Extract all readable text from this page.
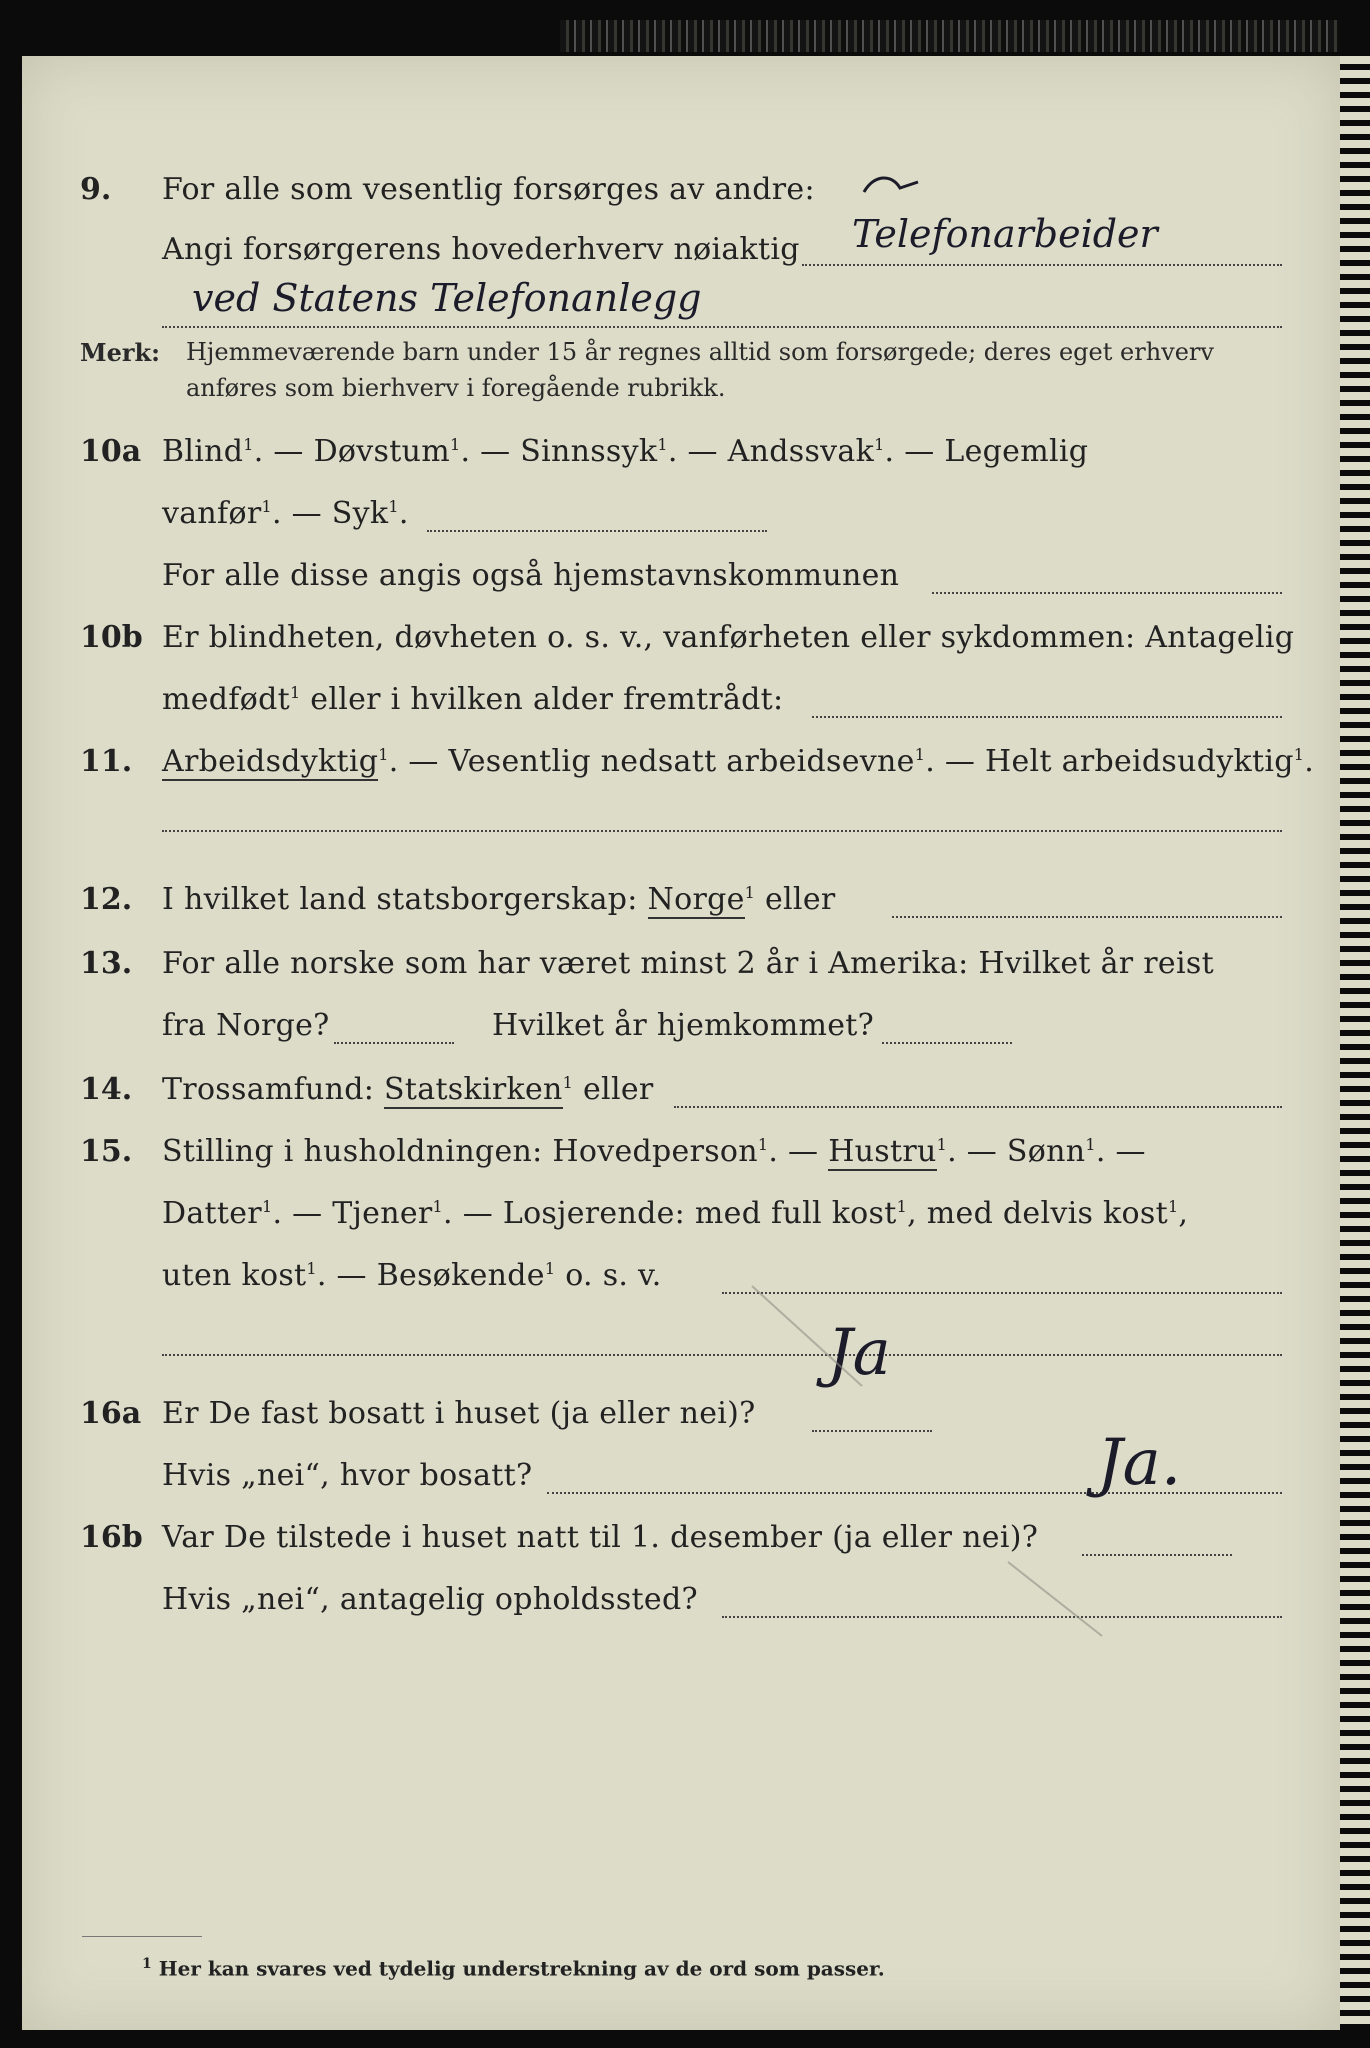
9. For alle som vesentlig forsørges av andre:
Angi forsørgerens hovederhverv nøiaktig Telefonarbeider
ved Statens Telefonanlegg
Merk: Hjemmeværende barn under 15 år regnes alltid som forsørgede; deres eget erhverv
anføres som bierhverv i foregående rubrikk.
10a Blind$^1$. — Døvstum$^1$. — Sinnssyk$^1$. — Andssvak$^1$. — Legemlig
vanfør$^1$. — Syk$^1$.
For alle disse angis også hjemstavnskommunen
10b Er blindheten, døvheten o. s. v., vanførheten eller sykdommen: Antagelig
medfødt$^1$ eller i hvilken alder fremtrådt:
11. Arbeidsdyktig$^1$. — Vesentlig nedsatt arbeidsevne$^1$. — Helt arbeidsudyktig$^1$.
12. I hvilket land statsborgerskap: Norge$^1$ eller
13. For alle norske som har været minst 2 år i Amerika: Hvilket år reist
fra Norge?	Hvilket år hjemkommet?
14. Trossamfund: Statskirken$^1$ eller
15. Stilling i husholdningen: Hovedperson$^1$. — Hustru$^1$. — Sønn$^1$. —
Datter$^1$. — Tjener$^1$. — Losjerende: med full kost$^1$, med delvis kost$^1$,
uten kost$^1$. — Besøkende$^1$ o. s. v.
16a Er De fast bosatt i huset (ja eller nei)?
Ja
Hvis „nei“, hvor bosatt?
16b Var De tilstede i huset natt til 1. desember (ja eller nei)?
Ja.
Hvis „nei“, antagelig opholdssted?
$^1$ Her kan svares ved tydelig understrekning av de ord som passer.
